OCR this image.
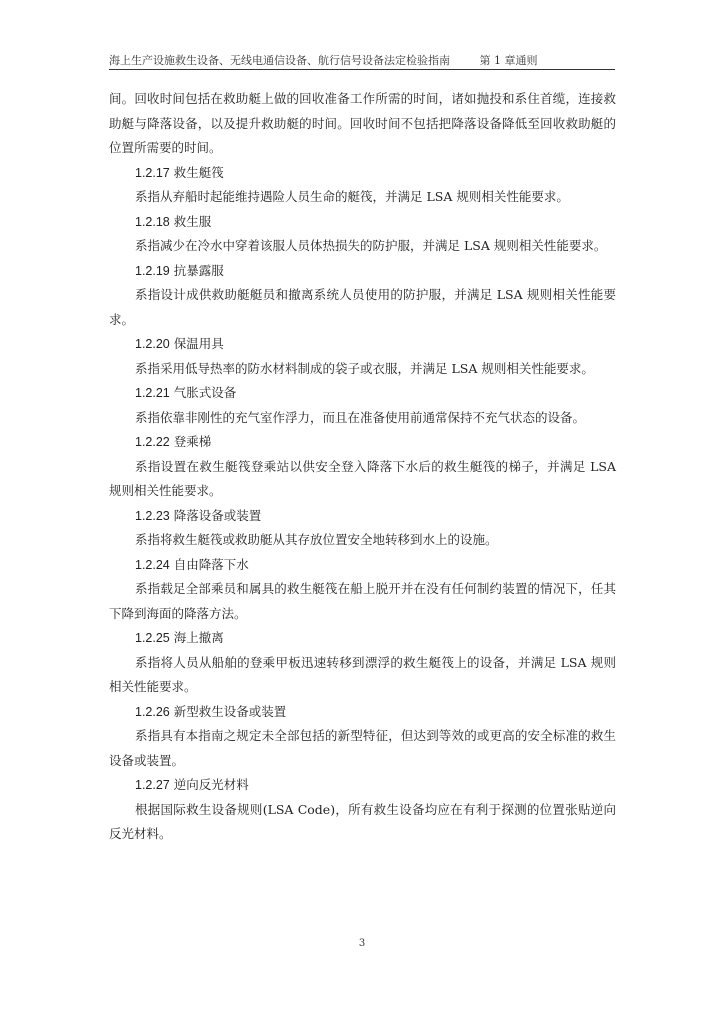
海上生产设施救生设备、无线电通信设备、航行信号设备法定检验指南	第 1 章通则

间。回收时间包括在救助艇上做的回收准备工作所需的时间，诸如抛投和系住首缆，连接救助艇与降落设备，以及提升救助艇的时间。回收时间不包括把降落设备降低至回收救助艇的位置所需要的时间。

1.2.17 救生艇筏

系指从弃船时起能维持遇险人员生命的艇筏，并满足 LSA 规则相关性能要求。

1.2.18 救生服

系指减少在冷水中穿着该服人员体热损失的防护服，并满足 LSA 规则相关性能要求。

1.2.19 抗暴露服

系指设计成供救助艇艇员和撤离系统人员使用的防护服，并满足 LSA 规则相关性能要求。

1.2.20 保温用具

系指采用低导热率的防水材料制成的袋子或衣服，并满足 LSA 规则相关性能要求。

1.2.21 气胀式设备

系指依靠非刚性的充气室作浮力，而且在准备使用前通常保持不充气状态的设备。

1.2.22 登乘梯

系指设置在救生艇筏登乘站以供安全登入降落下水后的救生艇筏的梯子，并满足 LSA 规则相关性能要求。

1.2.23 降落设备或装置

系指将救生艇筏或救助艇从其存放位置安全地转移到水上的设施。

1.2.24 自由降落下水

系指载足全部乘员和属具的救生艇筏在船上脱开并在没有任何制约装置的情况下，任其下降到海面的降落方法。

1.2.25 海上撤离

系指将人员从船舶的登乘甲板迅速转移到漂浮的救生艇筏上的设备，并满足 LSA 规则相关性能要求。

1.2.26 新型救生设备或装置

系指具有本指南之规定未全部包括的新型特征，但达到等效的或更高的安全标准的救生设备或装置。

1.2.27 逆向反光材料

根据国际救生设备规则(LSA Code)，所有救生设备均应在有利于探测的位置张贴逆向反光材料。

3
